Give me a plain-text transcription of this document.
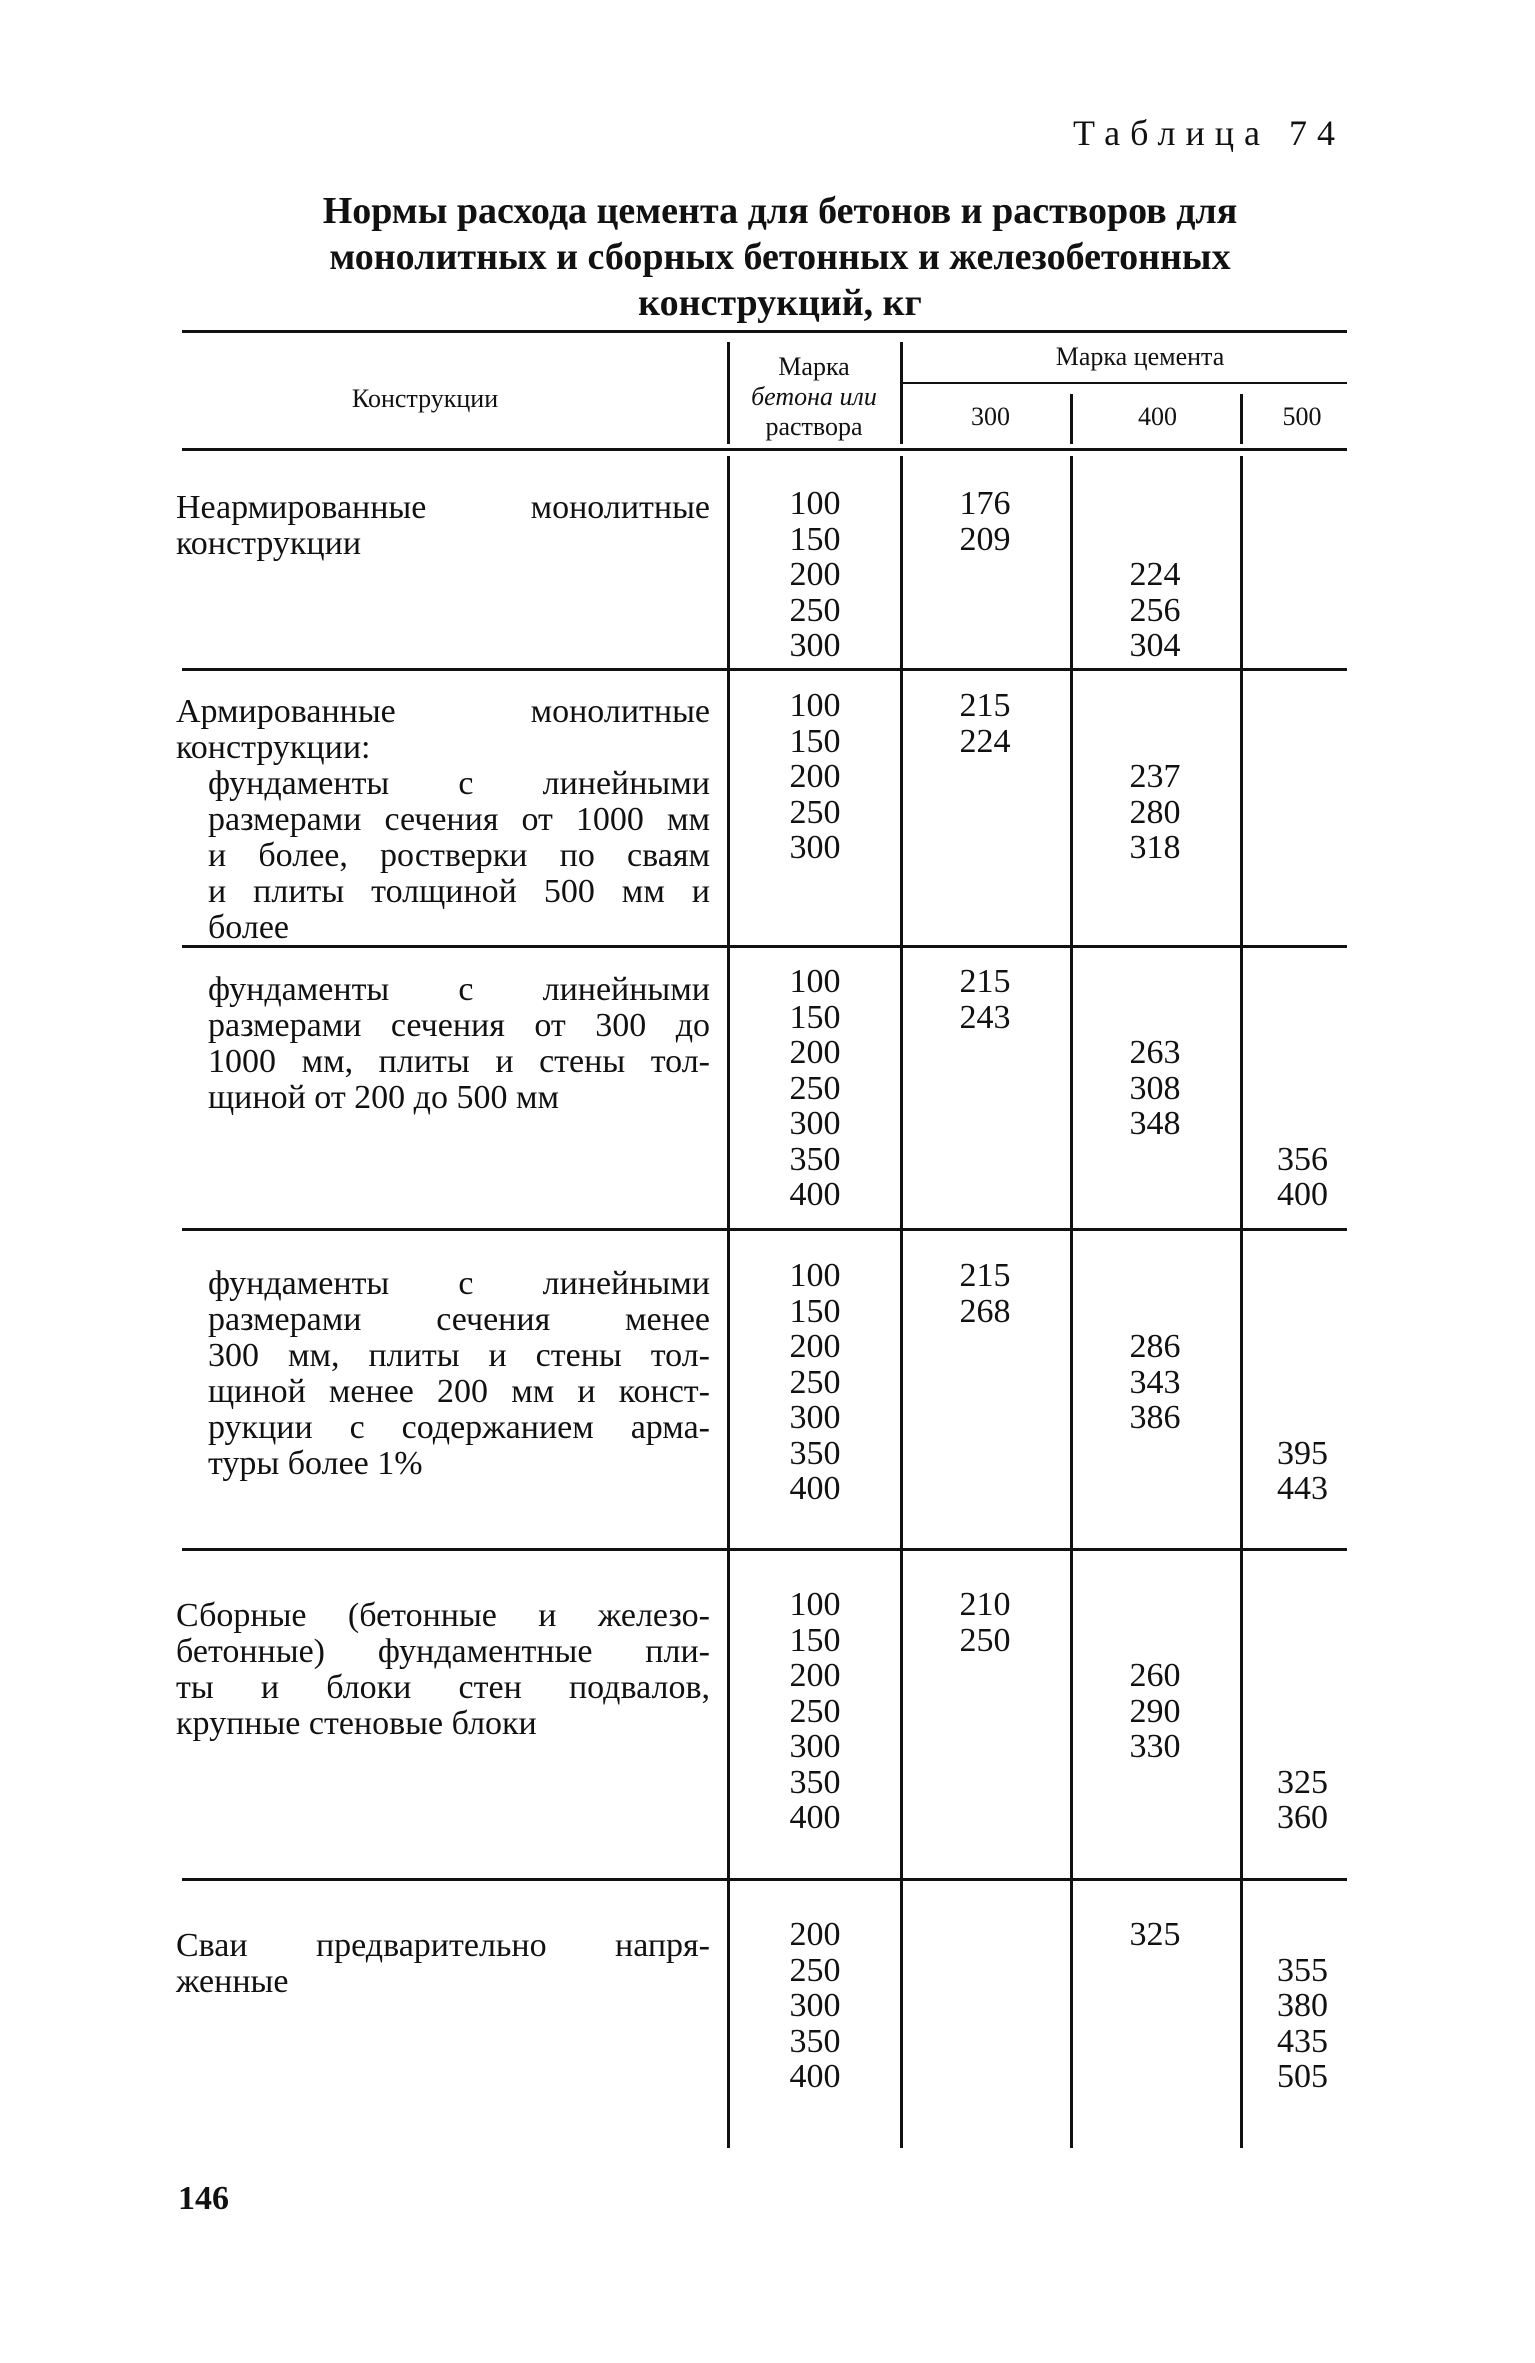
Таблица 74
Нормы расхода цемента для бетонов и растворов для
монолитных и сборных бетонных и железобетонных
конструкций, кг
Конструкции
Марка
бетона или
раствора
Марка цемента
300	400	500
Неармированные монолитные
конструкции
100
150
200
250
300
176
209
224
256
304
Армированные монолитные
конструкции:
фундаменты с линейными
размерами сечения от 1000 мм
и более, ростверки по сваям
и плиты толщиной 500 мм и
более
100
150
200
250
300
215
224
237
280
318
фундаменты с линейными
размерами сечения от 300 до
1000 мм, плиты и стены тол-
щиной от 200 до 500 мм
100
150
200
250
300
350
400
215
243
263
308
348
356
400
фундаменты с линейными
размерами сечения менее
300 мм, плиты и стены тол-
щиной менее 200 мм и конст-
рукции с содержанием арма-
туры более 1%
100
150
200
250
300
350
400
215
268
286
343
386
395
443
Сборные (бетонные и железо-
бетонные) фундаментные пли-
ты и блоки стен подвалов,
крупные стеновые блоки
100
150
200
250
300
350
400
210
250
260
290
330
325
360
Сваи предварительно напря-
женные
200
250
300
350
400
325
355
380
435
505
146
